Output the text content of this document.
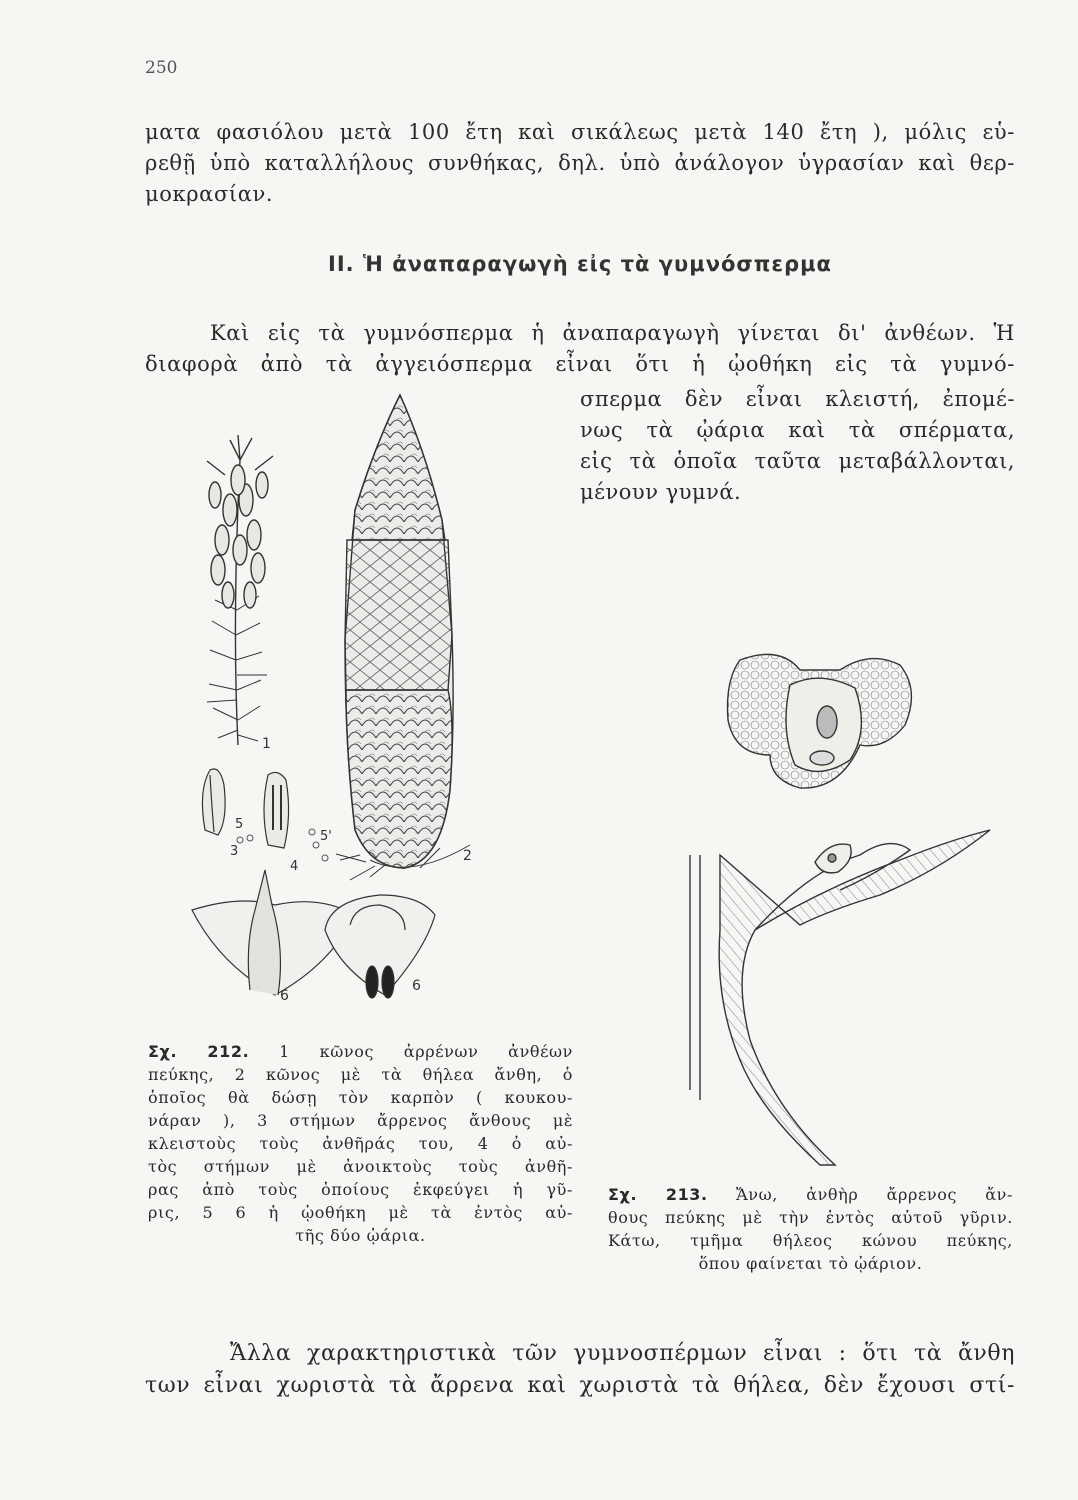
250
ματα φασιόλου μετὰ 100 ἔτη καὶ σικάλεως μετὰ 140 ἔτη ), μόλις εὑ-
ρεθῇ ὑπὸ καταλλήλους συνθήκας, δηλ. ὑπὸ ἀνάλογον ὑγρασίαν καὶ θερ-
μοκρασίαν.
II. Ἡ ἀναπαραγωγὴ εἰς τὰ γυμνόσπερμα
Καὶ εἰς τὰ γυμνόσπερμα ἡ ἀναπαραγωγὴ γίνεται δι' ἀνθέων. Ἡ
διαφορὰ ἀπὸ τὰ ἀγγειόσπερμα εἶναι ὅτι ἡ ᾠοθήκη εἰς τὰ γυμνό-
σπερμα δὲν εἶναι κλειστή, ἐπομέ-
νως τὰ ᾠάρια καὶ τὰ σπέρματα,
εἰς τὰ ὁποῖα ταῦτα μεταβάλλονται,
μένουν γυμνά.
1
2
3
5
4
5'
6
6
Σχ. 212. 1 κῶνος ἀρρένων ἀνθέων
πεύκης, 2 κῶνος μὲ τὰ θήλεα ἄνθη, ὁ
ὁποῖος θὰ δώσῃ τὸν καρπὸν ( κουκου-
νάραν ), 3 στήμων ἄρρενος ἄνθους μὲ
κλειστοὺς τοὺς ἀνθῆράς του, 4 ὁ αὐ-
τὸς στήμων μὲ ἀνοικτοὺς τοὺς ἀνθῆ-
ρας ἀπὸ τοὺς ὁποίους ἐκφεύγει ἡ γῦ-
ρις, 5 6 ἡ ᾠοθήκη μὲ τὰ ἐντὸς αὐ-
τῆς δύο ᾠάρια.
Σχ. 213. Ἄνω, ἀνθὴρ ἄρρενος ἄν-
θους πεύκης μὲ τὴν ἐντὸς αὐτοῦ γῦριν.
Κάτω, τμῆμα θήλεος κώνου πεύκης,
ὅπου φαίνεται τὸ ᾠάριον.
Ἄλλα χαρακτηριστικὰ τῶν γυμνοσπέρμων εἶναι : ὅτι τὰ ἄνθη
των εἶναι χωριστὰ τὰ ἄρρενα καὶ χωριστὰ τὰ θήλεα, δὲν ἔχουσι στί-
